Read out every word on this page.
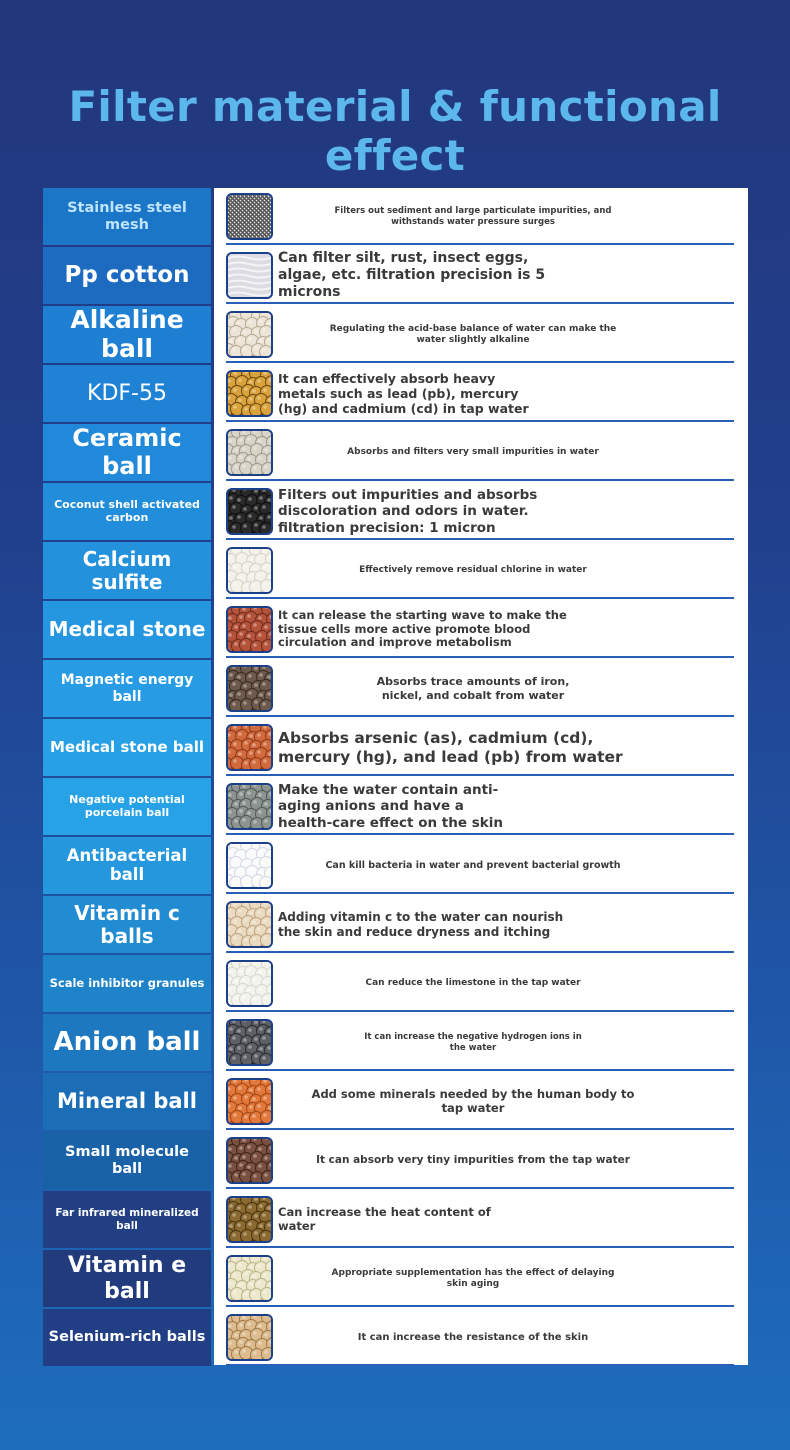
Filter material & functional effect
Stainless steel mesh
Pp cotton
Alkaline ball
KDF-55
Ceramic ball
Coconut shell activated carbon
Calcium sulfite
Medical stone
Magnetic energy ball
Medical stone ball
Negative potential porcelain ball
Antibacterial ball
Vitamin c balls
Scale inhibitor granules
Anion ball
Mineral ball
Small molecule ball
Far infrared mineralized ball
Vitamin e ball
Selenium-rich balls
Filters out sediment and large particulate impurities, and withstands water pressure surges
Can filter silt, rust, insect eggs, algae, etc. filtration precision is 5 microns
Regulating the acid-base balance of water can make the water slightly alkaline
It can effectively absorb heavy metals such as lead (pb), mercury (hg) and cadmium (cd) in tap water
Absorbs and filters very small impurities in water
Filters out impurities and absorbs discoloration and odors in water. filtration precision: 1 micron
Effectively remove residual chlorine in water
It can release the starting wave to make the tissue cells more active promote blood circulation and improve metabolism
Absorbs trace amounts of iron, nickel, and cobalt from water
Absorbs arsenic (as), cadmium (cd), mercury (hg), and lead (pb) from water
Make the water contain anti-aging anions and have a health-care effect on the skin
Can kill bacteria in water and prevent bacterial growth
Adding vitamin c to the water can nourish the skin and reduce dryness and itching
Can reduce the limestone in the tap water
It can increase the negative hydrogen ions in the water
Add some minerals needed by the human body to tap water
It can absorb very tiny impurities from the tap water
Can increase the heat content of water
Appropriate supplementation has the effect of delaying skin aging
It can increase the resistance of the skin
